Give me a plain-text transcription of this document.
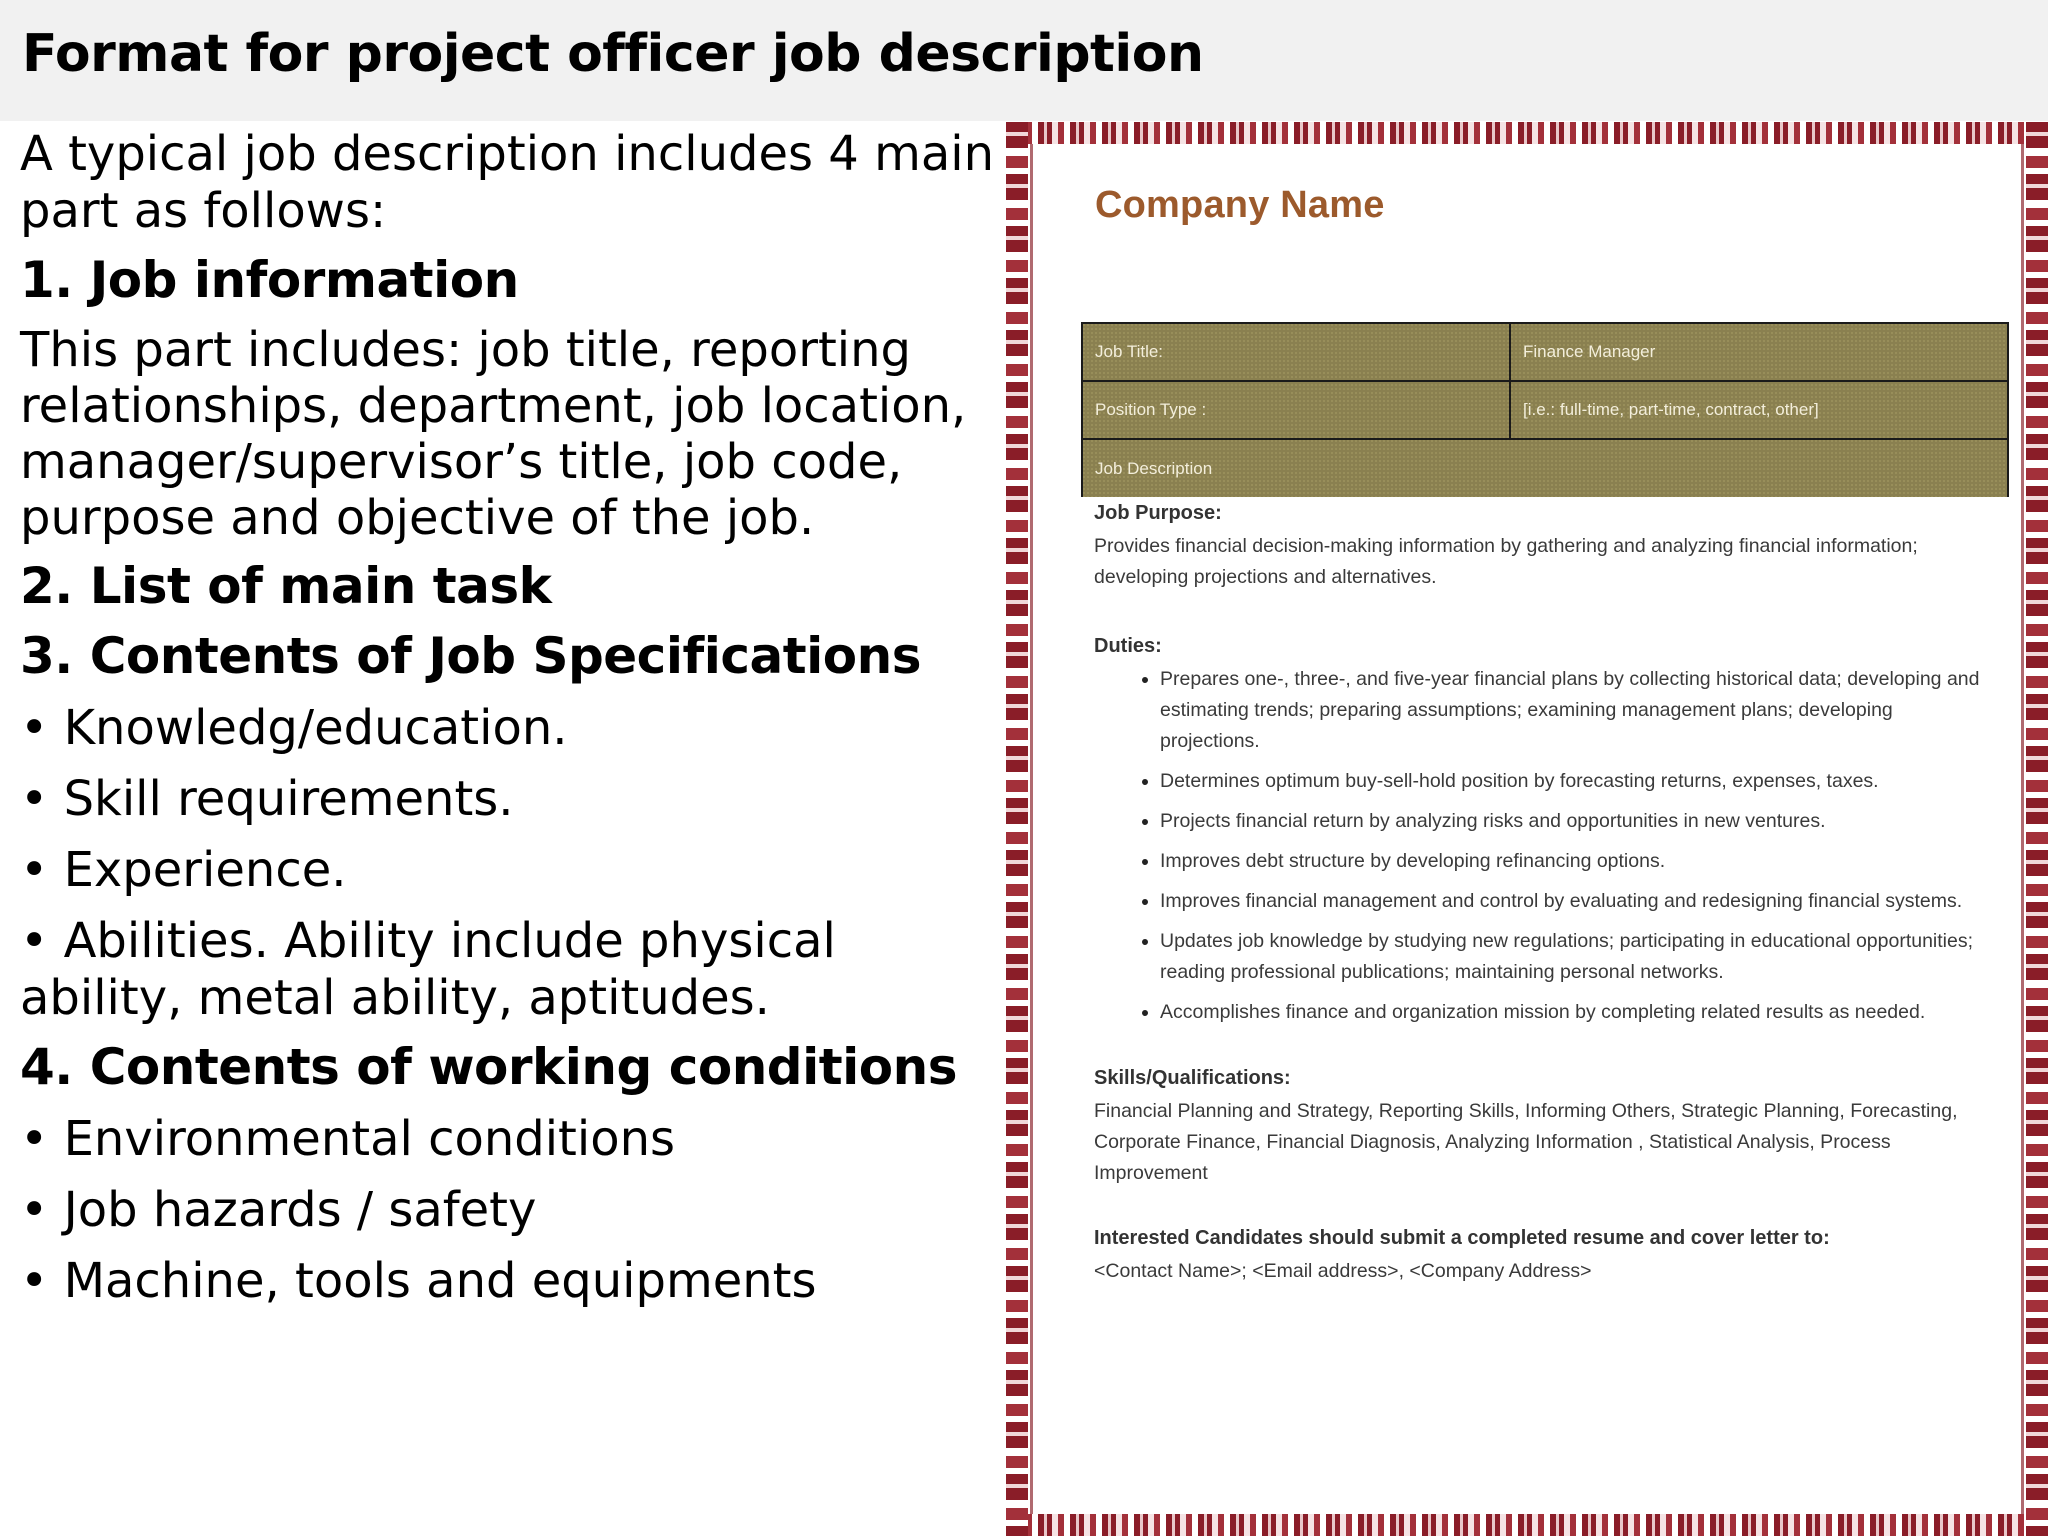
Format for project officer job description
A typical job description includes 4 main part as follows:
1. Job information
This part includes: job title, reporting relationships, department, job location, manager/supervisor’s title, job code, purpose and objective of the job.
2. List of main task
3. Contents of Job Specifications
• Knowledg/education.
• Skill requirements.
• Experience.
• Abilities. Ability include physical ability, metal ability, aptitudes.
4. Contents of working conditions
• Environmental conditions
• Job hazards / safety
• Machine, tools and equipments
Company Name
Job Title:	Finance Manager
Position Type :	[i.e.: full-time, part-time, contract, other]
Job Description	
Job Purpose:
Provides financial decision-making information by gathering and analyzing financial information; developing projections and alternatives.
Duties:
• Prepares one-, three-, and five-year financial plans by collecting historical data; developing and estimating trends; preparing assumptions; examining management plans; developing projections.
• Determines optimum buy-sell-hold position by forecasting returns, expenses, taxes.
• Projects financial return by analyzing risks and opportunities in new ventures.
• Improves debt structure by developing refinancing options.
• Improves financial management and control by evaluating and redesigning financial systems.
• Updates job knowledge by studying new regulations; participating in educational opportunities; reading professional publications; maintaining personal networks.
• Accomplishes finance and organization mission by completing related results as needed.
Skills/Qualifications:
Financial Planning and Strategy, Reporting Skills, Informing Others, Strategic Planning, Forecasting, Corporate Finance, Financial Diagnosis, Analyzing Information , Statistical Analysis, Process Improvement
Interested Candidates should submit a completed resume and cover letter to:
<Contact Name>; <Email address>, <Company Address>
